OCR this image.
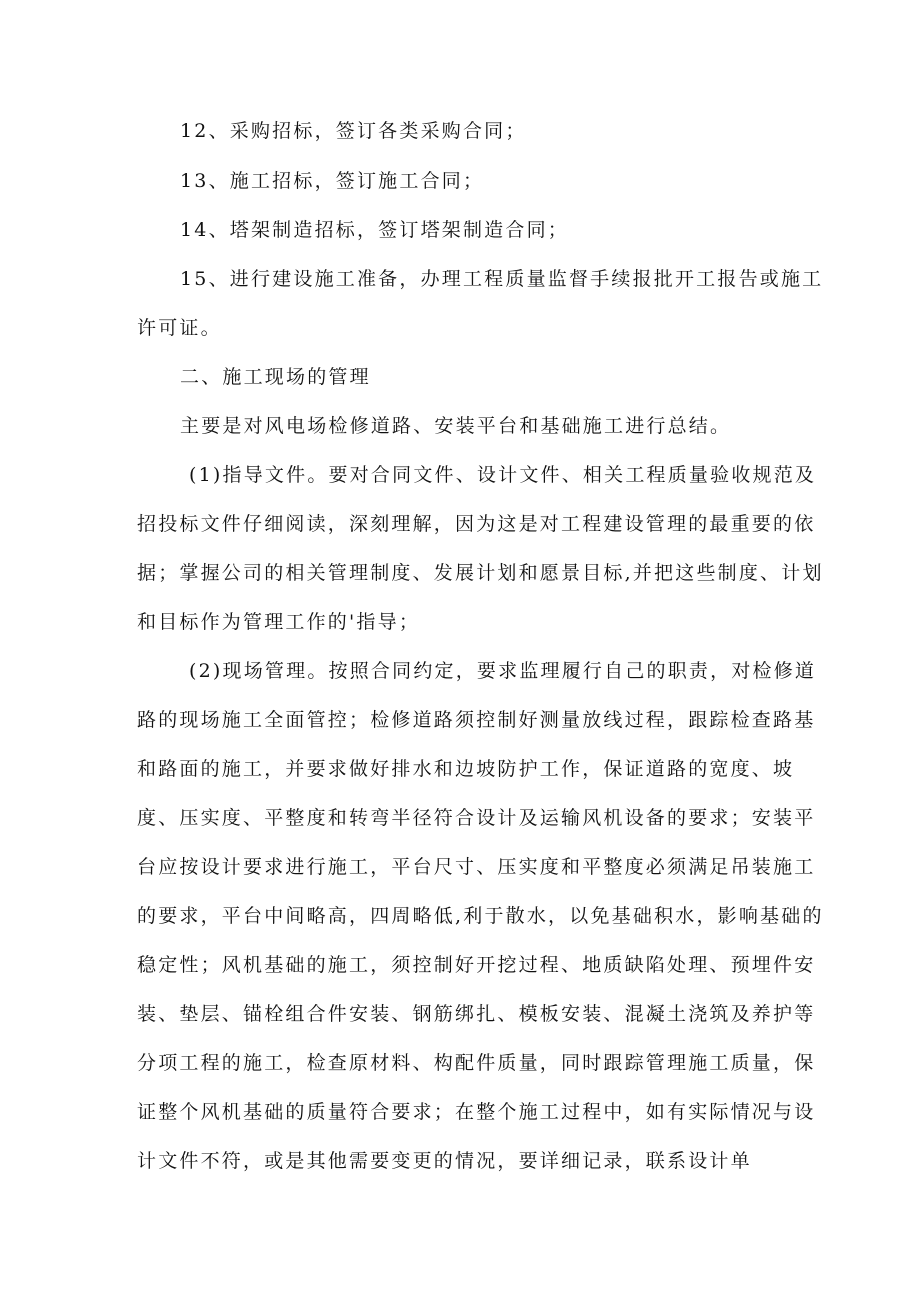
12、采购招标，签订各类采购合同；
13、施工招标，签订施工合同；
14、塔架制造招标，签订塔架制造合同；
15、进行建设施工准备，办理工程质量监督手续报批开工报告或施工
许可证。
二、施工现场的管理
主要是对风电场检修道路、安装平台和基础施工进行总结。
(1)指导文件。要对合同文件、设计文件、相关工程质量验收规范及
招投标文件仔细阅读，深刻理解，因为这是对工程建设管理的最重要的依
据；掌握公司的相关管理制度、发展计划和愿景目标,并把这些制度、计划
和目标作为管理工作的'指导；
(2)现场管理。按照合同约定，要求监理履行自己的职责，对检修道
路的现场施工全面管控；检修道路须控制好测量放线过程，跟踪检查路基
和路面的施工，并要求做好排水和边坡防护工作，保证道路的宽度、坡
度、压实度、平整度和转弯半径符合设计及运输风机设备的要求；安装平
台应按设计要求进行施工，平台尺寸、压实度和平整度必须满足吊装施工
的要求，平台中间略高，四周略低,利于散水，以免基础积水，影响基础的
稳定性；风机基础的施工，须控制好开挖过程、地质缺陷处理、预埋件安
装、垫层、锚栓组合件安装、钢筋绑扎、模板安装、混凝土浇筑及养护等
分项工程的施工，检查原材料、构配件质量，同时跟踪管理施工质量，保
证整个风机基础的质量符合要求；在整个施工过程中，如有实际情况与设
计文件不符，或是其他需要变更的情况，要详细记录，联系设计单
